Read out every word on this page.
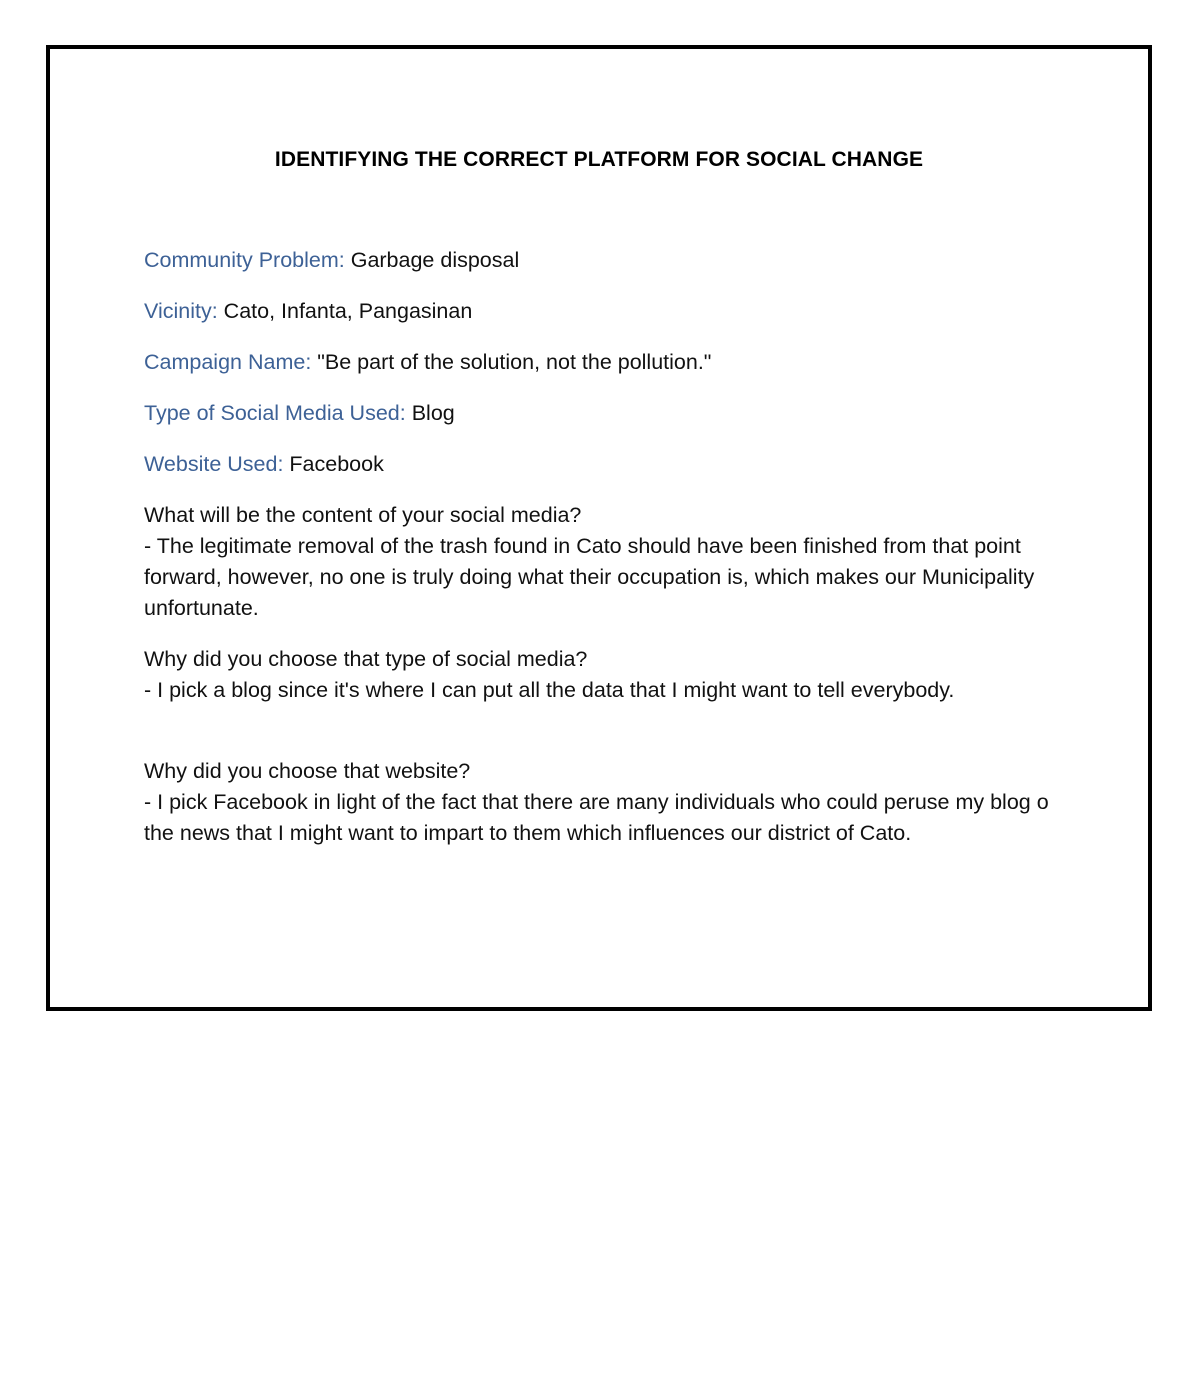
IDENTIFYING THE CORRECT PLATFORM FOR SOCIAL CHANGE
Community Problem: Garbage disposal
Vicinity: Cato, Infanta, Pangasinan
Campaign Name: "Be part of the solution, not the pollution."
Type of Social Media Used: Blog
Website Used: Facebook

What will be the content of your social media?

- The legitimate removal of the trash found in Cato should have been finished from that point forward, however, no one is truly doing what their occupation is, which makes our Municipality unfortunate.

Why did you choose that type of social media?

- I pick a blog since it's where I can put all the data that I might want to tell everybody.

Why did you choose that website?

- I pick Facebook in light of the fact that there are many individuals who could peruse my blog o the news that I might want to impart to them which influences our district of Cato.
